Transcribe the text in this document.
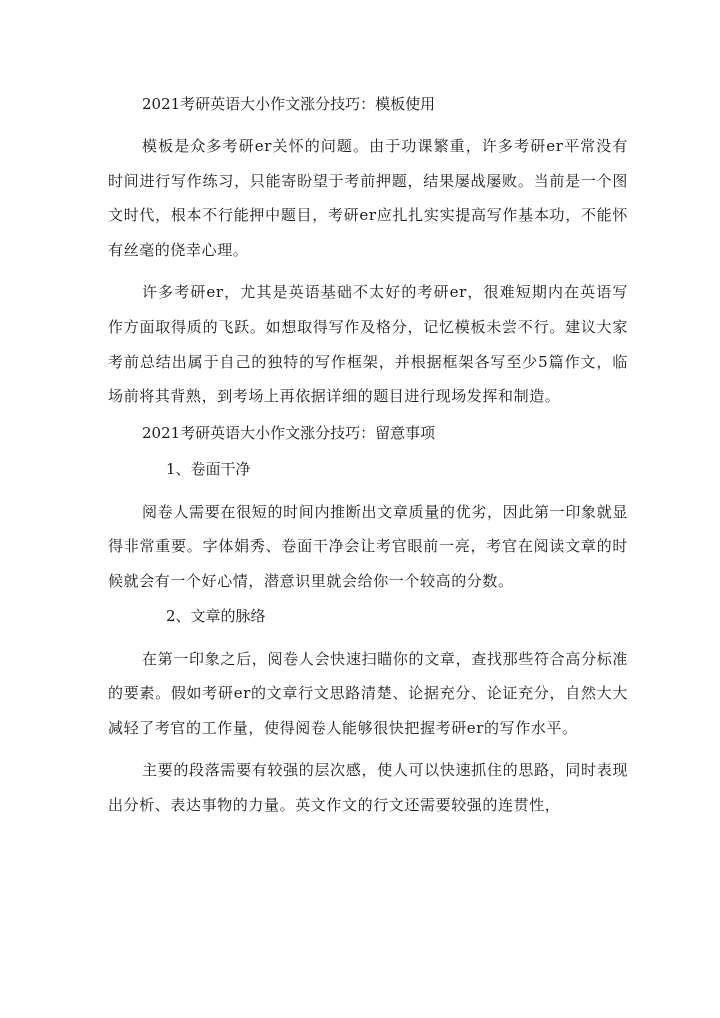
2021考研英语大小作文涨分技巧：模板使用

模板是众多考研er关怀的问题。由于功课繁重，许多考研er平常没有时间进行写作练习，只能寄盼望于考前押题，结果屡战屡败。当前是一个图文时代，根本不行能押中题目，考研er应扎扎实实提高写作基本功，不能怀有丝毫的侥幸心理。

许多考研er，尤其是英语基础不太好的考研er，很难短期内在英语写作方面取得质的飞跃。如想取得写作及格分，记忆模板未尝不行。建议大家考前总结出属于自己的独特的写作框架，并根据框架各写至少5篇作文，临场前将其背熟，到考场上再依据详细的题目进行现场发挥和制造。

2021考研英语大小作文涨分技巧：留意事项
1、卷面干净

阅卷人需要在很短的时间内推断出文章质量的优劣，因此第一印象就显得非常重要。字体娟秀、卷面干净会让考官眼前一亮，考官在阅读文章的时候就会有一个好心情，潜意识里就会给你一个较高的分数。

2、文章的脉络

在第一印象之后，阅卷人会快速扫瞄你的文章，查找那些符合高分标准的要素。假如考研er的文章行文思路清楚、论据充分、论证充分，自然大大减轻了考官的工作量，使得阅卷人能够很快把握考研er的写作水平。

主要的段落需要有较强的层次感，使人可以快速抓住的思路，同时表现出分析、表达事物的力量。英文作文的行文还需要较强的连贯性，
